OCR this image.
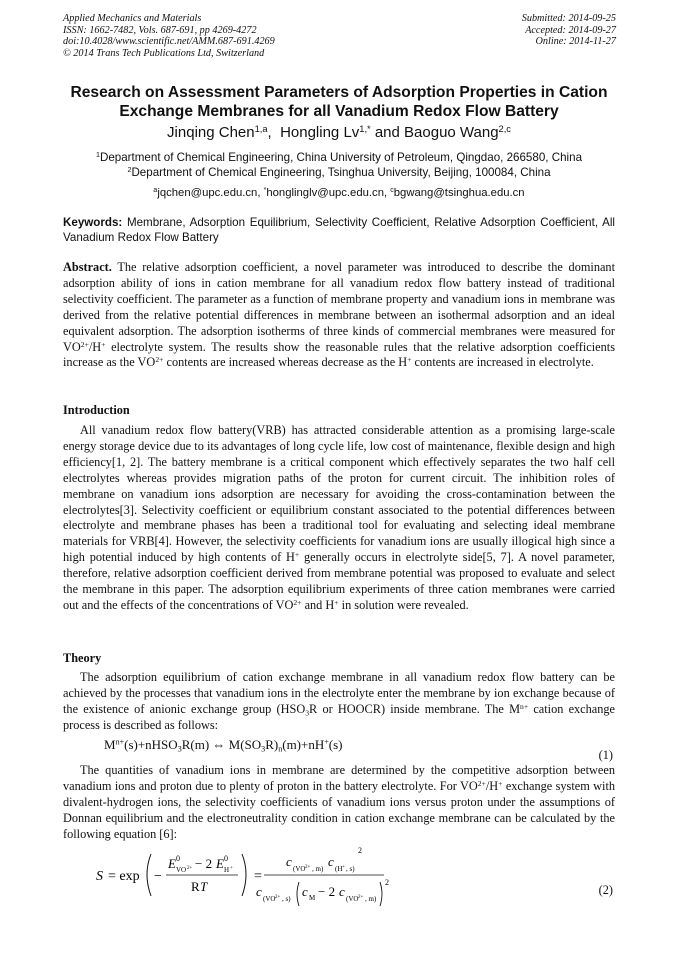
Applied Mechanics and Materials
ISSN: 1662-7482, Vols. 687-691, pp 4269-4272
doi:10.4028/www.scientific.net/AMM.687-691.4269
© 2014 Trans Tech Publications Ltd, Switzerland
Submitted: 2014-09-25
Accepted: 2014-09-27
Online: 2014-11-27
Research on Assessment Parameters of Adsorption Properties in Cation
Exchange Membranes for all Vanadium Redox Flow Battery
Jinqing Chen$^{1,a}$,  Hongling $Lv^{1,*}$ and Baoguo Wang$^{2,c}$
$^1$Department of Chemical Engineering, China University of Petroleum, Qingdao, 266580, China
$^2$Department of Chemical Engineering, Tsinghua University, Beijing, 100084, China
$^a$jqchen@upc.edu.cn, *honglinglv@upc.edu.cn, $^c$bgwang@tsinghua.edu.cn
Keywords: Membrane, Adsorption Equilibrium, Selectivity Coefficient, Relative Adsorption Coefficient, All Vanadium Redox Flow Battery
Abstract. The relative adsorption coefficient, a novel parameter was introduced to describe the dominant adsorption ability of ions in cation membrane for all vanadium redox flow battery instead of traditional selectivity coefficient. The parameter as a function of membrane property and vanadium ions in membrane was derived from the relative potential differences in membrane between an isothermal adsorption and an ideal equivalent adsorption. The adsorption isotherms of three kinds of commercial membranes were measured for $VO^{2+}/H^+$ electrolyte system. The results show the reasonable rules that the relative adsorption coefficients increase as the $VO^{2+}$ contents are increased whereas decrease as the H+ contents are increased in electrolyte.
Introduction
All vanadium redox flow battery(VRB) has attracted considerable attention as a promising large-scale energy storage device due to its advantages of long cycle life, low cost of maintenance, flexible design and high efficiency[1, 2]. The battery membrane is a critical component which effectively separates the two half cell electrolytes whereas provides migration paths of the proton for current circuit. The inhibition roles of membrane on vanadium ions adsorption are necessary for avoiding the cross-contamination between the electrolytes[3]. Selectivity coefficient or equilibrium constant associated to the potential differences between electrolyte and membrane phases has been a traditional tool for evaluating and selecting ideal membrane materials for VRB[4]. However, the selectivity coefficients for vanadium ions are usually illogical high since a high potential induced by high contents of H+ generally occurs in electrolyte side[5, 7]. A novel parameter, therefore, relative adsorption coefficient derived from membrane potential was proposed to evaluate and select the membrane in this paper. The adsorption equilibrium experiments of three cation membranes were carried out and the effects of the concentrations of $VO^{2+}$ and H+ in solution were revealed.
Theory
The adsorption equilibrium of cation exchange membrane in all vanadium redox flow battery can be achieved by the processes that vanadium ions in the electrolyte enter the membrane by ion exchange because of the existence of anionic exchange group ($HSO_3R$ or HOOCR) inside membrane. The $M^{n+}$ cation exchange process is described as follows:
$M^{n+}(s)+nHSO_3R(m)$ ⇔ $M(SO_3R)_n(m)+nH^+(s)$
(1)
The quantities of vanadium ions in membrane are determined by the competitive adsorption between vanadium ions and proton due to plenty of proton in the battery electrolyte. For $VO^{2+}/H^+$ exchange system with divalent-hydrogen ions, the selectivity coefficients of vanadium ions versus proton under the assumptions of Donnan equilibrium and the electroneutrality condition in cation exchange membrane can be calculated by the following equation [6]:
S = exp −
E 0
VO 2+ − 2 E 0
H +
R T
=
c (VO 2+ , m) c (H + , s)
2
c (VO 2+ , s) c M − 2 c (VO 2+ , m)
2
(2)
